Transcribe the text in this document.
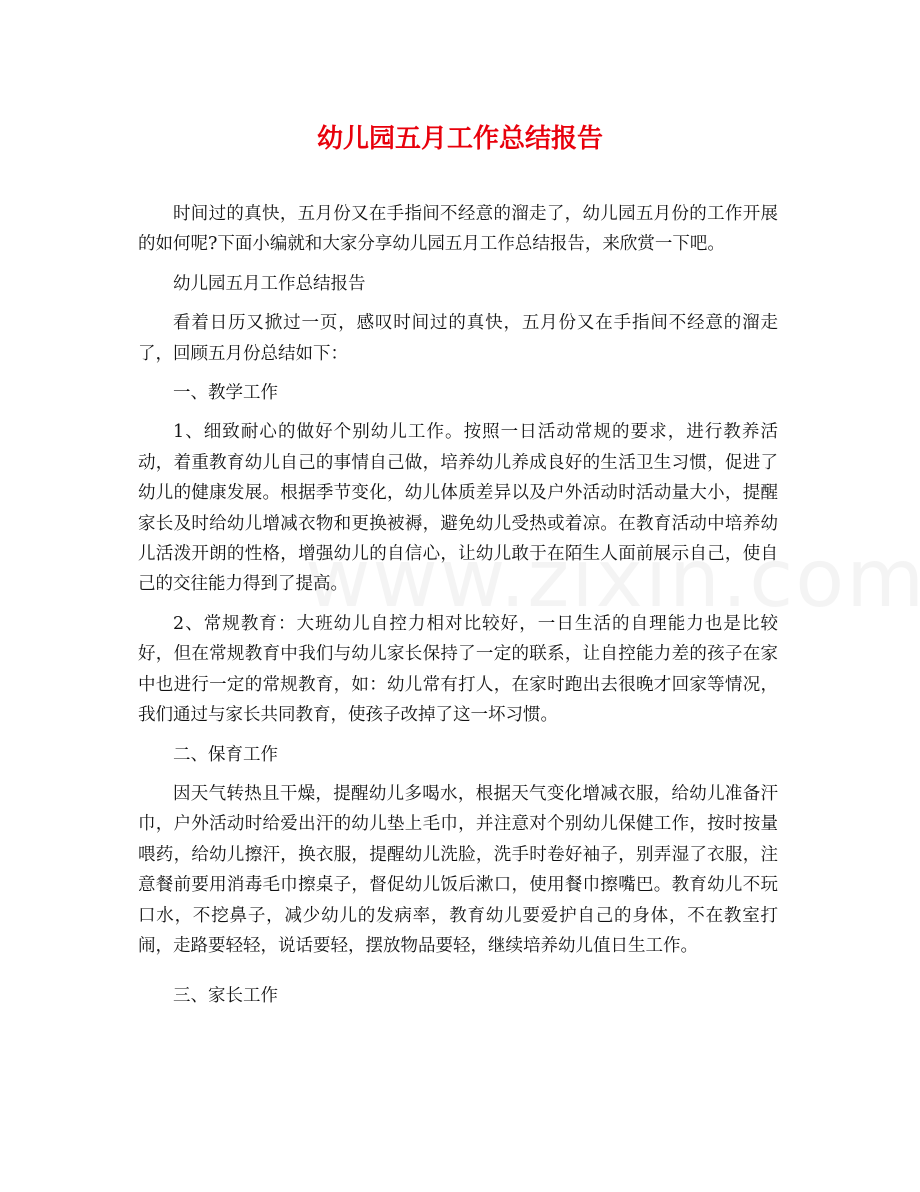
幼儿园五月工作总结报告

时间过的真快，五月份又在手指间不经意的溜走了，幼儿园五月份的工作开展的如何呢?下面小编就和大家分享幼儿园五月工作总结报告，来欣赏一下吧。

幼儿园五月工作总结报告

看着日历又掀过一页，感叹时间过的真快，五月份又在手指间不经意的溜走了，回顾五月份总结如下：

一、教学工作

1、细致耐心的做好个别幼儿工作。按照一日活动常规的要求，进行教养活动，着重教育幼儿自己的事情自己做，培养幼儿养成良好的生活卫生习惯，促进了幼儿的健康发展。根据季节变化，幼儿体质差异以及户外活动时活动量大小，提醒家长及时给幼儿增减衣物和更换被褥，避免幼儿受热或着凉。在教育活动中培养幼儿活泼开朗的性格，增强幼儿的自信心，让幼儿敢于在陌生人面前展示自己，使自己的交往能力得到了提高。

2、常规教育：大班幼儿自控力相对比较好，一日生活的自理能力也是比较好，但在常规教育中我们与幼儿家长保持了一定的联系，让自控能力差的孩子在家中也进行一定的常规教育，如：幼儿常有打人，在家时跑出去很晚才回家等情况，我们通过与家长共同教育，使孩子改掉了这一坏习惯。

二、保育工作

因天气转热且干燥，提醒幼儿多喝水，根据天气变化增减衣服，给幼儿准备汗巾，户外活动时给爱出汗的幼儿垫上毛巾，并注意对个别幼儿保健工作，按时按量喂药，给幼儿擦汗，换衣服，提醒幼儿洗脸，洗手时卷好袖子，别弄湿了衣服，注意餐前要用消毒毛巾擦桌子，督促幼儿饭后漱口，使用餐巾擦嘴巴。教育幼儿不玩口水，不挖鼻子，减少幼儿的发病率，教育幼儿要爱护自己的身体，不在教室打闹，走路要轻轻，说话要轻，摆放物品要轻，继续培养幼儿值日生工作。

三、家长工作
